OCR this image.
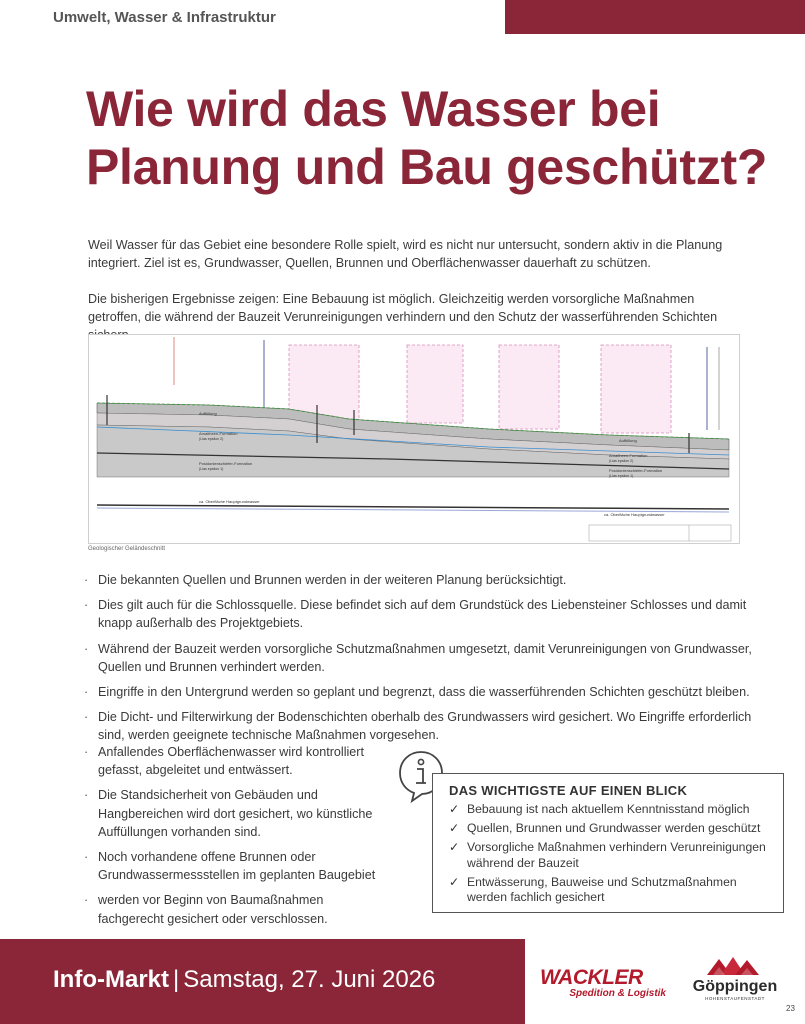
Umwelt, Wasser & Infrastruktur
Wie wird das Wasser bei
Planung und Bau geschützt?

Weil Wasser für das Gebiet eine besondere Rolle spielt, wird es nicht nur untersucht, sondern aktiv in die Planung integriert. Ziel ist es, Grundwasser, Quellen, Brunnen und Oberflächenwasser dauerhaft zu schützen.

Die bisherigen Ergebnisse zeigen: Eine Bebauung ist möglich. Gleichzeitig werden vorsorgliche Maßnahmen getroffen, die während der Bauzeit Verunreinigungen verhindern und den Schutz der wasserführenden Schichten

Auffüllung
Auffüllung
Amaltheen-Formation
(Lias epsilon 2)
Posidonienschiefer-Formation
(Lias epsilon 1)
Amaltheen-Formation
(Lias epsilon 2)
Posidonienschiefer-Formation
(Lias epsilon 1)
ca. Oberfläche Hauptgrundwasser
ca. Oberfläche Hauptgrundwasser
Geologischer Geländeschnitt
· Die bekannten Quellen und Brunnen werden in der weiteren Planung berücksichtigt.
· Dies gilt auch für die Schlossquelle. Diese befindet sich auf dem Grundstück des Liebensteiner Schlosses und damit knapp außerhalb des Projektgebiets.
· Während der Bauzeit werden vorsorgliche Schutzmaßnahmen umgesetzt, damit Verunreinigungen von Grundwasser, Quellen und Brunnen verhindert werden.
· Eingriffe in den Untergrund werden so geplant und begrenzt, dass die wasserführenden Schichten geschützt bleiben.
· Die Dicht- und Filterwirkung der Bodenschichten oberhalb des Grundwassers wird gesichert. Wo Eingriffe erforderlich sind, werden geeignete technische Maßnahmen vorgesehen.
· Anfallendes Oberflächenwasser wird kontrolliert gefasst, abgeleitet und entwässert.
· Die Standsicherheit von Gebäuden und Hangbereichen wird dort gesichert, wo künstliche Auffüllungen vorhanden sind.
· Noch vorhandene offene Brunnen oder Grundwassermessstellen im geplanten Baugebiet
· werden vor Beginn von Baumaßnahmen fachgerecht gesichert oder verschlossen.
DAS WICHTIGSTE AUF EINEN BLICK
✓ Bebauung ist nach aktuellem Kenntnisstand möglich
✓ Quellen, Brunnen und Grundwasser werden geschützt
✓ Vorsorgliche Maßnahmen verhindern Verunreinigungen während der Bauzeit
✓ Entwässerung, Bauweise und Schutzmaßnahmen werden fachlich gesichert
Info-Markt | Samstag, 27. Juni 2026	WACKLER
Spedition & Logistik Göppingen
HOHENSTAUFENSTADT
23
